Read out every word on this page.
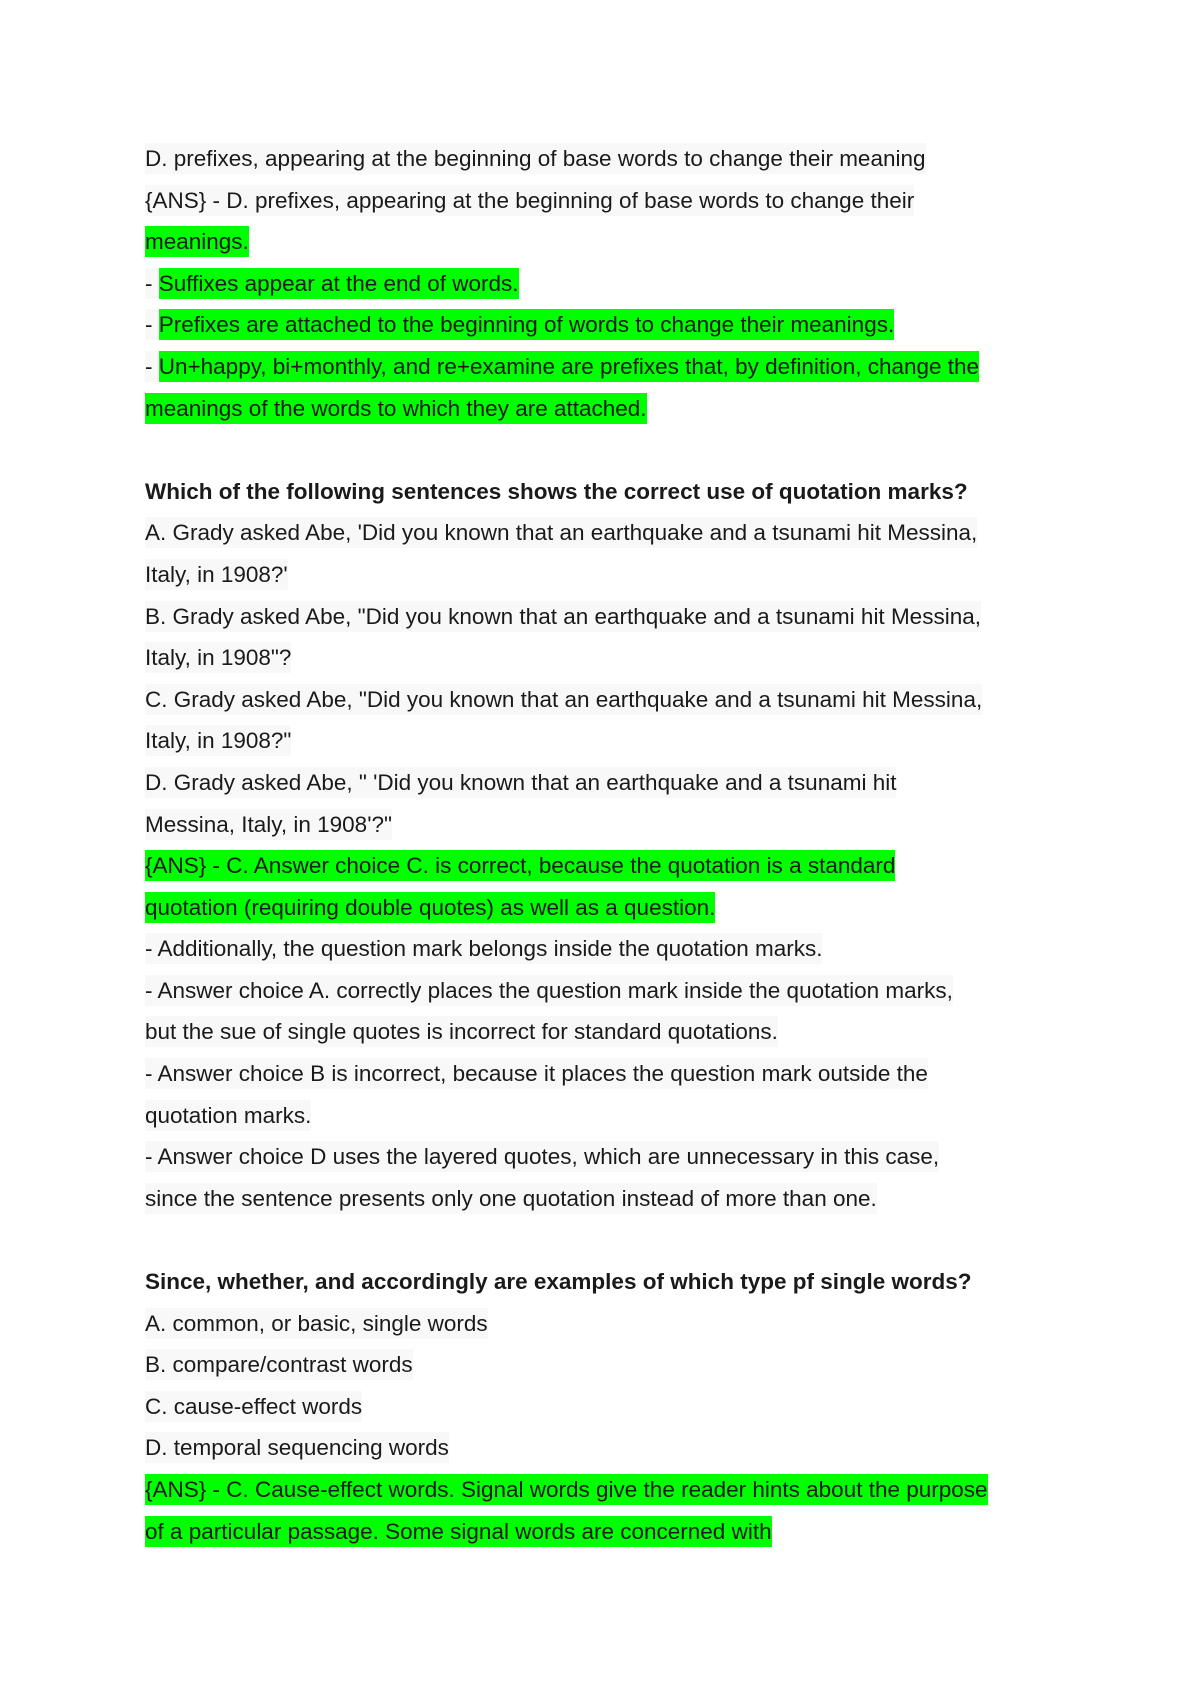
D. prefixes, appearing at the beginning of base words to change their meaning
{ANS} - D. prefixes, appearing at the beginning of base words to change their
meanings.
- Suffixes appear at the end of words.
- Prefixes are attached to the beginning of words to change their meanings.
- Un+happy, bi+monthly, and re+examine are prefixes that, by definition, change the
meanings of the words to which they are attached.
Which of the following sentences shows the correct use of quotation marks?
A. Grady asked Abe, 'Did you known that an earthquake and a tsunami hit Messina,
Italy, in 1908?'
B. Grady asked Abe, "Did you known that an earthquake and a tsunami hit Messina,
Italy, in 1908"?
C. Grady asked Abe, "Did you known that an earthquake and a tsunami hit Messina,
Italy, in 1908?"
D. Grady asked Abe, " 'Did you known that an earthquake and a tsunami hit
Messina, Italy, in 1908'?"
{ANS} - C. Answer choice C. is correct, because the quotation is a standard
quotation (requiring double quotes) as well as a question.
- Additionally, the question mark belongs inside the quotation marks.
- Answer choice A. correctly places the question mark inside the quotation marks,
but the sue of single quotes is incorrect for standard quotations.
- Answer choice B is incorrect, because it places the question mark outside the
quotation marks.
- Answer choice D uses the layered quotes, which are unnecessary in this case,
since the sentence presents only one quotation instead of more than one.
Since, whether, and accordingly are examples of which type pf single words?
A. common, or basic, single words
B. compare/contrast words
C. cause-effect words
D. temporal sequencing words
{ANS} - C. Cause-effect words. Signal words give the reader hints about the purpose
of a particular passage. Some signal words are concerned with
